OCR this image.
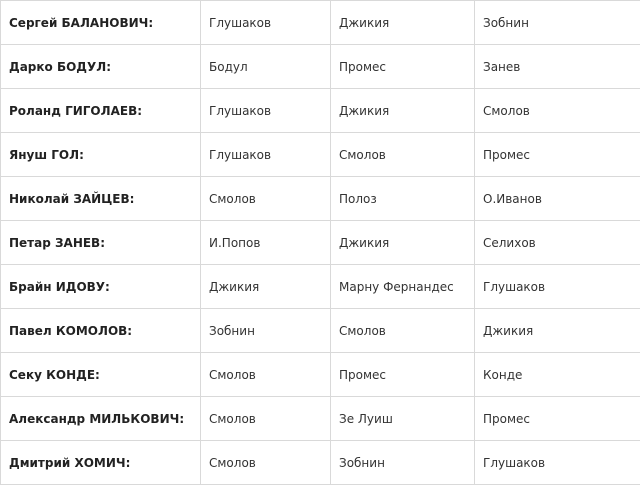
Сергей БАЛАНОВИЧ:	Глушаков	Джикия	Зобнин
Дарко БОДУЛ:	Бодул	Промес	Занев
Роланд ГИГОЛАЕВ:	Глушаков	Джикия	Смолов
Януш ГОЛ:	Глушаков	Смолов	Промес
Николай ЗАЙЦЕВ:	Смолов	Полоз	О.Иванов
Петар ЗАНЕВ:	И.Попов	Джикия	Селихов
Брайн ИДОВУ:	Джикия	Марну Фернандес	Глушаков
Павел КОМОЛОВ:	Зобнин	Смолов	Джикия
Секу КОНДЕ:	Смолов	Промес	Конде
Александр МИЛЬКОВИЧ:	Смолов	Зе Луиш	Промес
Дмитрий ХОМИЧ:	Смолов	Зобнин	Глушаков
